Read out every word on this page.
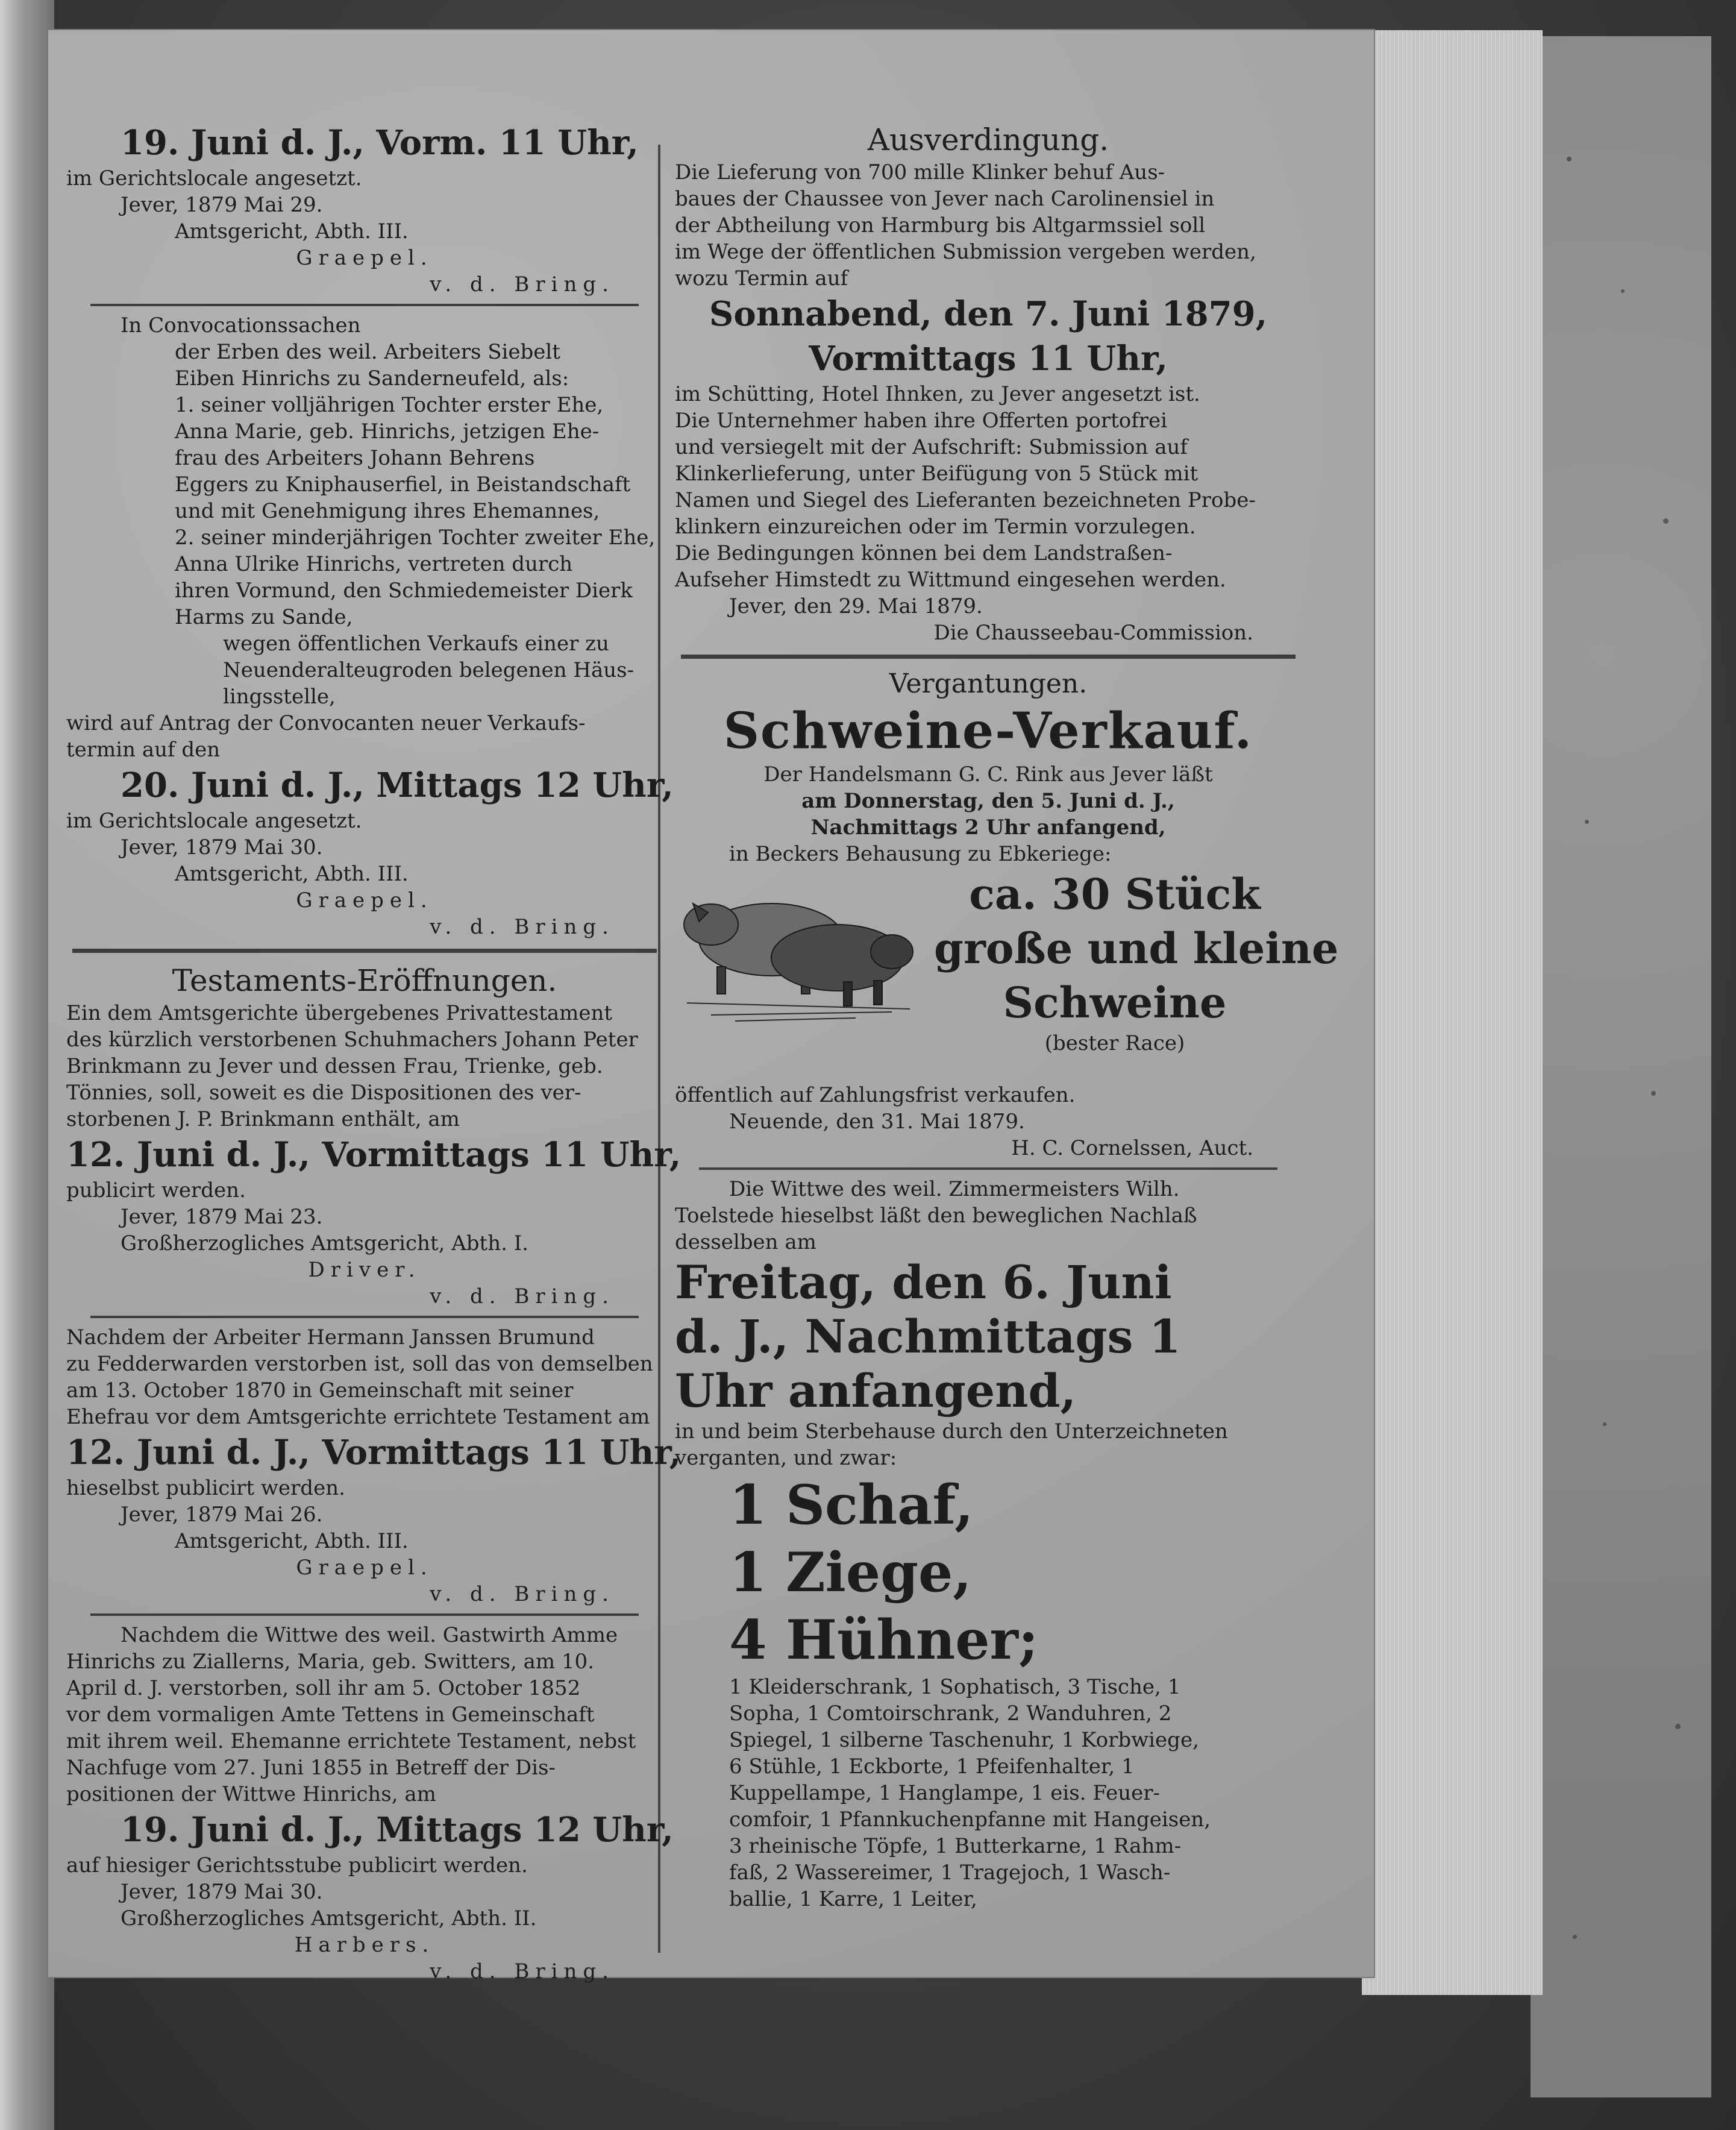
19. Juni d. J., Vorm. 11 Uhr,
im Gerichtslocale angesetzt.
Jever, 1879 Mai 29.
Amtsgericht, Abth. III.
Graepel.
v. d. Bring.
In Convocationssachen
der Erben des weil. Arbeiters Siebelt
Eiben Hinrichs zu Sanderneufeld, als:
1. seiner volljährigen Tochter erster Ehe,
Anna Marie, geb. Hinrichs, jetzigen Ehe-
frau des Arbeiters Johann Behrens
Eggers zu Kniphauserfiel, in Beistandschaft
und mit Genehmigung ihres Ehemannes,
2. seiner minderjährigen Tochter zweiter Ehe,
Anna Ulrike Hinrichs, vertreten durch
ihren Vormund, den Schmiedemeister Dierk
Harms zu Sande,
wegen öffentlichen Verkaufs einer zu
Neuenderalteugroden belegenen Häus-
lingsstelle,
wird auf Antrag der Convocanten neuer Verkaufs-
termin auf den
20. Juni d. J., Mittags 12 Uhr,
im Gerichtslocale angesetzt.
Jever, 1879 Mai 30.
Amtsgericht, Abth. III.
Graepel.
v. d. Bring.
Testaments-Eröffnungen.
Ein dem Amtsgerichte übergebenes Privattestament
des kürzlich verstorbenen Schuhmachers Johann Peter
Brinkmann zu Jever und dessen Frau, Trienke, geb.
Tönnies, soll, soweit es die Dispositionen des ver-
storbenen J. P. Brinkmann enthält, am
12. Juni d. J., Vormittags 11 Uhr,
publicirt werden.
Jever, 1879 Mai 23.
Großherzogliches Amtsgericht, Abth. I.
Driver.
v. d. Bring.
Nachdem der Arbeiter Hermann Janssen Brumund
zu Fedderwarden verstorben ist, soll das von demselben
am 13. October 1870 in Gemeinschaft mit seiner
Ehefrau vor dem Amtsgerichte errichtete Testament am
12. Juni d. J., Vormittags 11 Uhr,
hieselbst publicirt werden.
Jever, 1879 Mai 26.
Amtsgericht, Abth. III.
Graepel.
v. d. Bring.
Nachdem die Wittwe des weil. Gastwirth Amme
Hinrichs zu Ziallerns, Maria, geb. Switters, am 10.
April d. J. verstorben, soll ihr am 5. October 1852
vor dem vormaligen Amte Tettens in Gemeinschaft
mit ihrem weil. Ehemanne errichtete Testament, nebst
Nachfuge vom 27. Juni 1855 in Betreff der Dis-
positionen der Wittwe Hinrichs, am
19. Juni d. J., Mittags 12 Uhr,
auf hiesiger Gerichtsstube publicirt werden.
Jever, 1879 Mai 30.
Großherzogliches Amtsgericht, Abth. II.
Harbers.
v. d. Bring.
Ausverdingung.
Die Lieferung von 700 mille Klinker behuf Aus-
baues der Chaussee von Jever nach Carolinensiel in
der Abtheilung von Harmburg bis Altgarmssiel soll
im Wege der öffentlichen Submission vergeben werden,
wozu Termin auf
Sonnabend, den 7. Juni 1879,
Vormittags 11 Uhr,
im Schütting, Hotel Ihnken, zu Jever angesetzt ist.
Die Unternehmer haben ihre Offerten portofrei
und versiegelt mit der Aufschrift: Submission auf
Klinkerlieferung, unter Beifügung von 5 Stück mit
Namen und Siegel des Lieferanten bezeichneten Probe-
klinkern einzureichen oder im Termin vorzulegen.
Die Bedingungen können bei dem Landstraßen-
Aufseher Himstedt zu Wittmund eingesehen werden.
Jever, den 29. Mai 1879.
Die Chausseebau-Commission.
Vergantungen.
Schweine-Verkauf.
Der Handelsmann G. C. Rink aus Jever läßt
am Donnerstag, den 5. Juni d. J.,
Nachmittags 2 Uhr anfangend,
in Beckers Behausung zu Ebkeriege:
ca. 30 Stück
große und kleine
Schweine
(bester Race)
öffentlich auf Zahlungsfrist verkaufen.
Neuende, den 31. Mai 1879.
H. C. Cornelssen, Auct.
Die Wittwe des weil. Zimmermeisters Wilh.
Toelstede hieselbst läßt den beweglichen Nachlaß
desselben am
Freitag, den 6. Juni
d. J., Nachmittags 1
Uhr anfangend,
in und beim Sterbehause durch den Unterzeichneten
verganten, und zwar:
1 Schaf,
1 Ziege,
4 Hühner;
1 Kleiderschrank, 1 Sophatisch, 3 Tische, 1
Sopha, 1 Comtoirschrank, 2 Wanduhren, 2
Spiegel, 1 silberne Taschenuhr, 1 Korbwiege,
6 Stühle, 1 Eckborte, 1 Pfeifenhalter, 1
Kuppellampe, 1 Hanglampe, 1 eis. Feuer-
comfoir, 1 Pfannkuchenpfanne mit Hangeisen,
3 rheinische Töpfe, 1 Butterkarne, 1 Rahm-
faß, 2 Wassereimer, 1 Tragejoch, 1 Wasch-
ballie, 1 Karre, 1 Leiter,
